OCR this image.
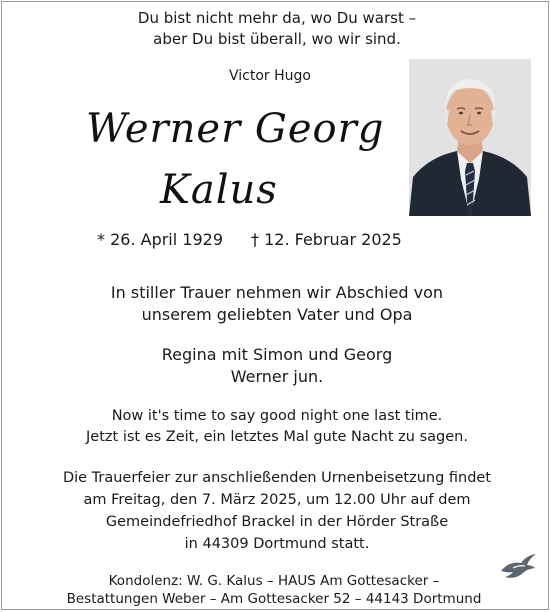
Du bist nicht mehr da, wo Du warst –
aber Du bist überall, wo wir sind.
Victor Hugo
Werner Georg
Kalus
* 26. April 1929 † 12. Februar 2025
In stiller Trauer nehmen wir Abschied von
unserem geliebten Vater und Opa
Regina mit Simon und Georg
Werner jun.
Now it's time to say good night one last time.
Jetzt ist es Zeit, ein letztes Mal gute Nacht zu sagen.
Die Trauerfeier zur anschließenden Urnenbeisetzung findet
am Freitag, den 7. März 2025, um 12.00 Uhr auf dem
Gemeindefriedhof Brackel in der Hörder Straße
in 44309 Dortmund statt.
Kondolenz: W. G. Kalus – HAUS Am Gottesacker –
Bestattungen Weber – Am Gottesacker 52 – 44143 Dortmund
